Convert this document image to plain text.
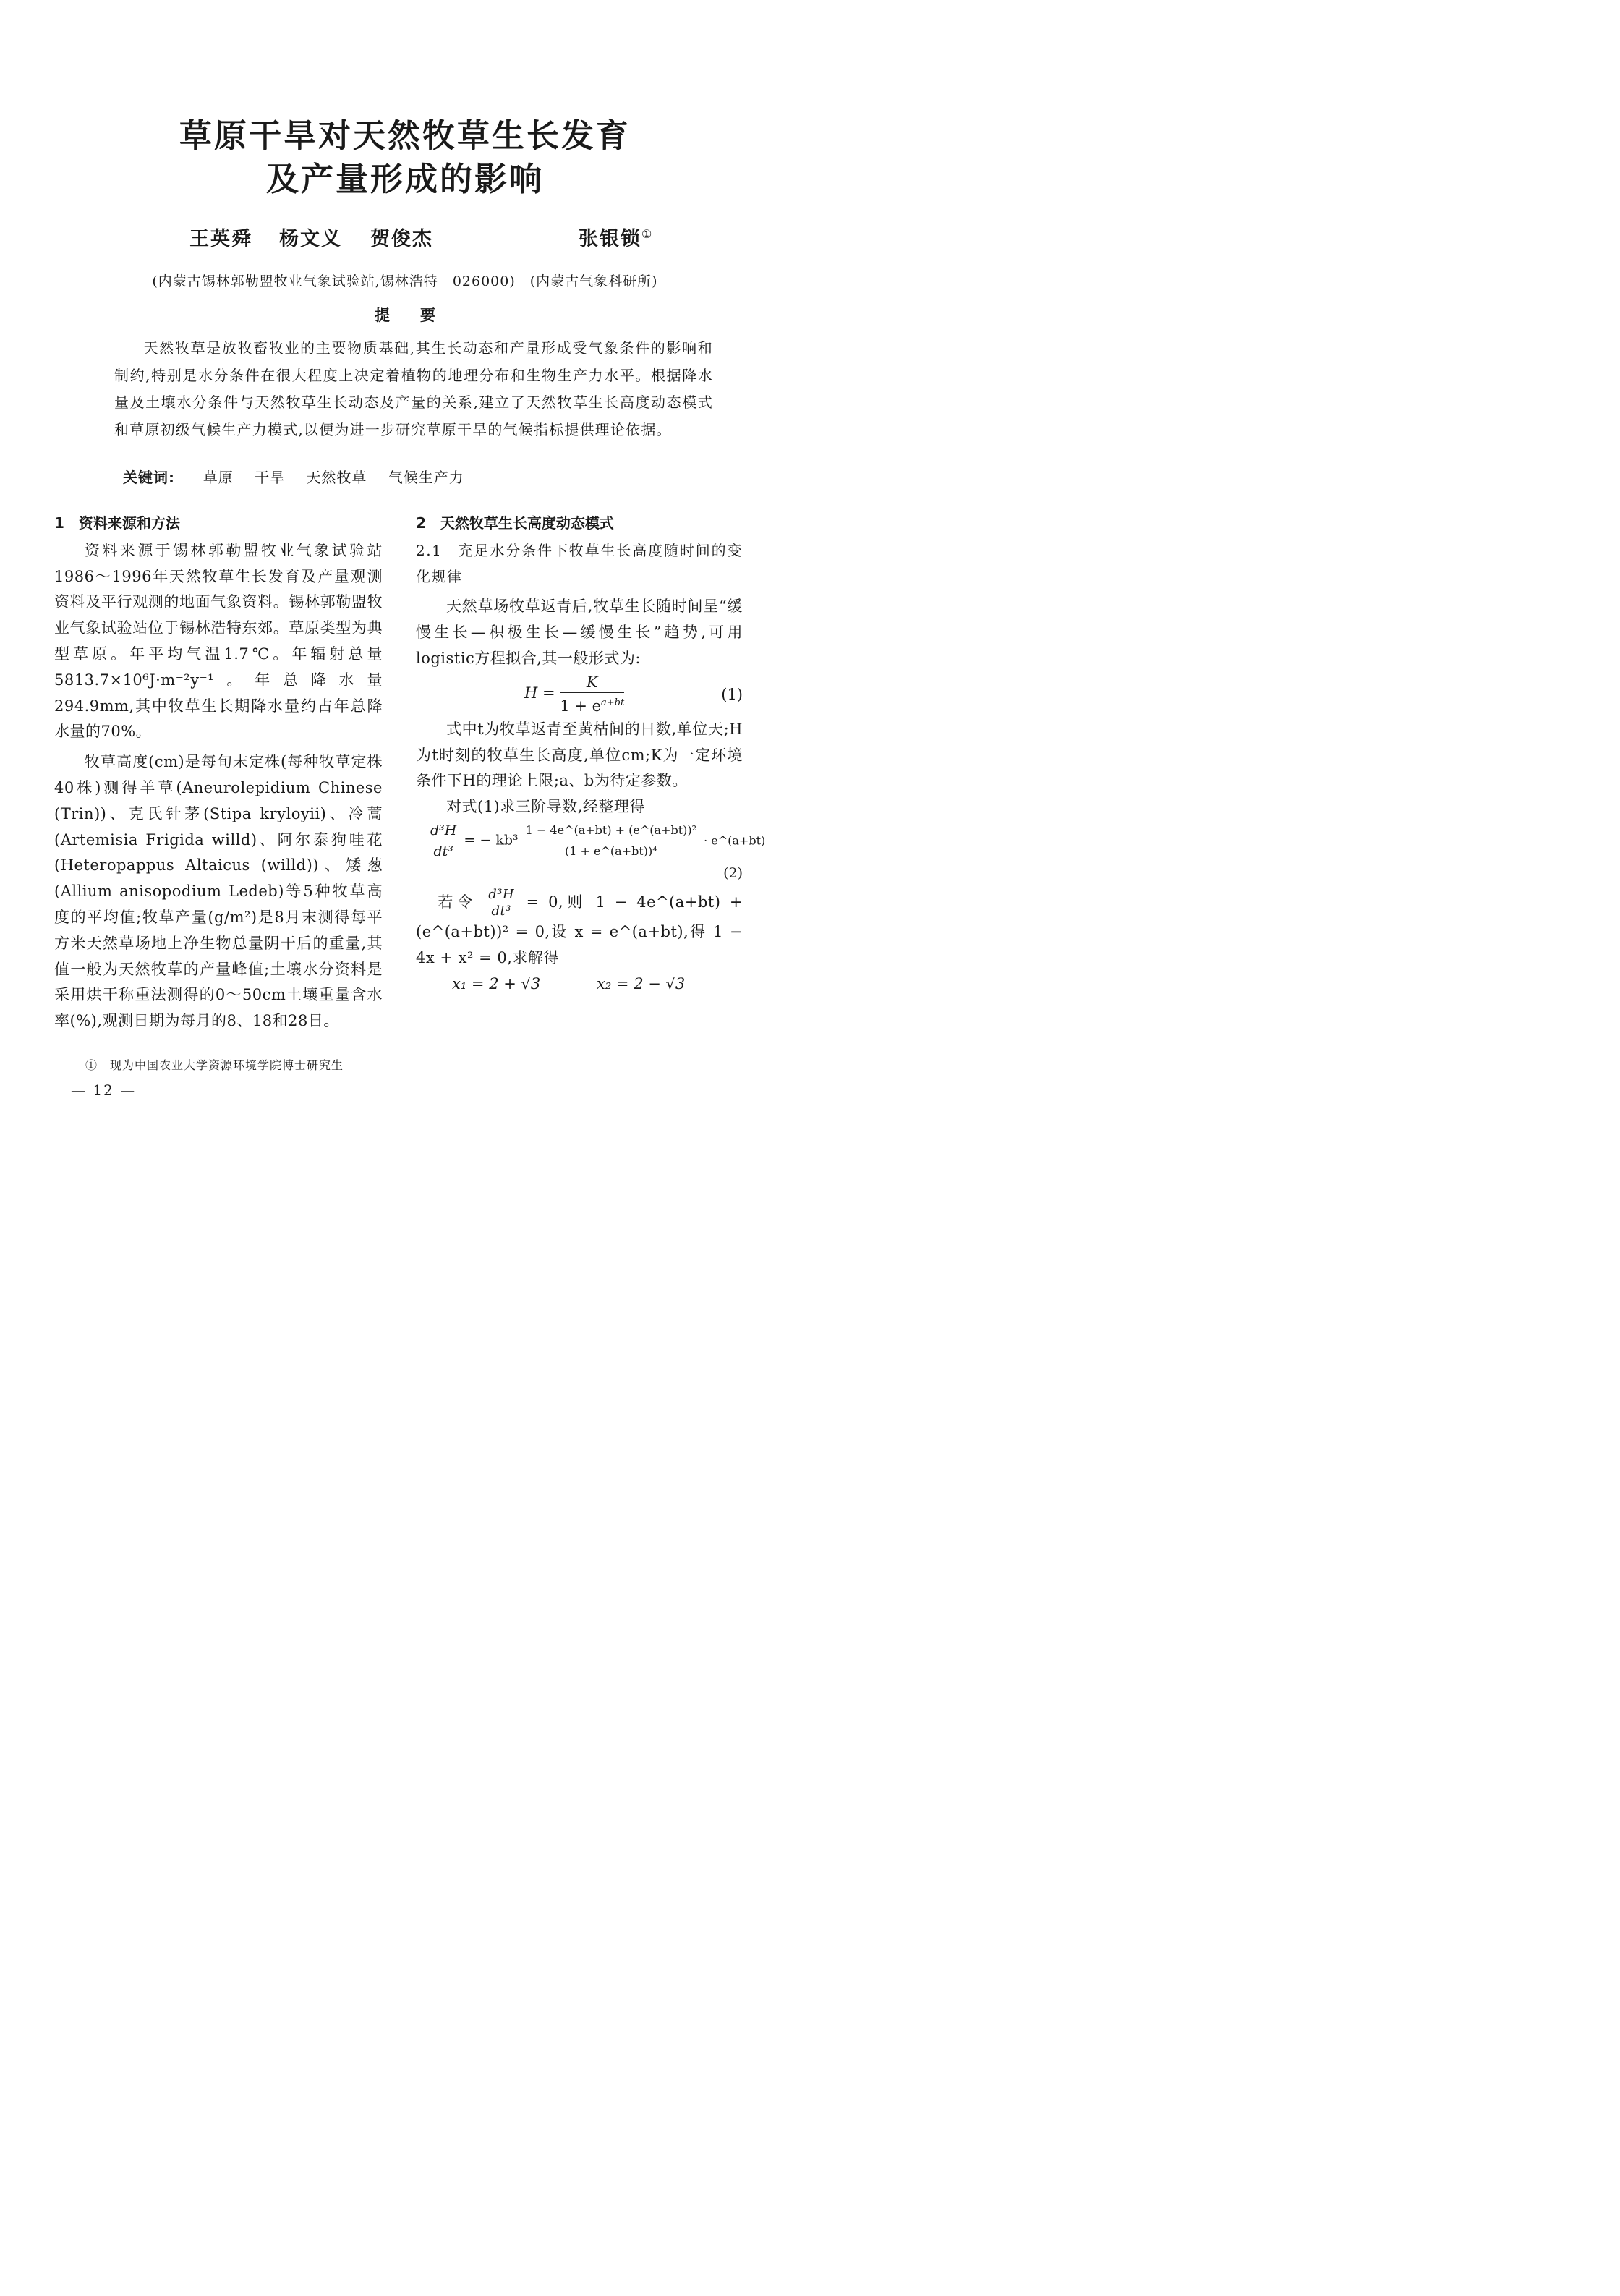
草原干旱对天然牧草生长发育
及产量形成的影响
王英舜 杨文义 贺俊杰	张银锁①
(内蒙古锡林郭勒盟牧业气象试验站,锡林浩特　026000)　(内蒙古气象科研所)
提　　要
天然牧草是放牧畜牧业的主要物质基础,其生长动态和产量形成受气象条件的影响和制约,特别是水分条件在很大程度上决定着植物的地理分布和生物生产力水平。根据降水量及土壤水分条件与天然牧草生长动态及产量的关系,建立了天然牧草生长高度动态模式和草原初级气候生产力模式,以便为进一步研究草原干旱的气候指标提供理论依据。
关键词: 草原 干旱 天然牧草 气候生产力
1　资料来源和方法

资料来源于锡林郭勒盟牧业气象试验站1986～1996年天然牧草生长发育及产量观测资料及平行观测的地面气象资料。锡林郭勒盟牧业气象试验站位于锡林浩特东郊。草原类型为典型草原。年平均气温1.7℃。年辐射总量5813.7×10⁶J·m⁻²y⁻¹。年总降水量294.9mm,其中牧草生长期降水量约占年总降水量的70%。

牧草高度(cm)是每旬末定株(每种牧草定株40株)测得羊草(Aneurolepidium Chinese (Trin))、克氏针茅(Stipa kryloyii)、冷蒿(Artemisia Frigida willd)、阿尔泰狗哇花(Heteropappus Altaicus (willd))、矮葱(Allium anisopodium Ledeb)等5种牧草高度的平均值;牧草产量(g/m²)是8月末测得每平方米天然草场地上净生物总量阴干后的重量,其值一般为天然牧草的产量峰值;土壤水分资料是采用烘干称重法测得的0～50cm土壤重量含水率(%),观测日期为每月的8、18和28日。

2　天然牧草生长高度动态模式

2.1　充足水分条件下牧草生长高度随时间的变化规律

天然草场牧草返青后,牧草生长随时间呈“缓慢生长—积极生长—缓慢生长”趋势,可用logistic方程拟合,其一般形式为:

$H = \frac{K}{1 + e^{a+bt}}$	(1)

式中t为牧草返青至黄枯间的日数,单位天;H为t时刻的牧草生长高度,单位cm;K为一定环境条件下H的理论上限;a、b为待定参数。

对式(1)求三阶导数,经整理得

$\frac{\text{d³H}}{\text{dt³}}$ = − $kb^3 \frac{\text{1 − 4e\textasciicircum{}(a+bt) + (e\textasciicircum{}(a+bt))²}}{\text{(1 + e\textasciicircum{}(a+bt))⁴}}$ · e^(a+bt)
(2)

若令 $\frac{\text{d³H}}{\text{dt³}} = 0$,则 1 − 4e^(a+bt) + (e^(a+bt))² = 0,设 x = e^(a+bt),得 1 − 4x + x² = 0,求解得

x₁ = 2 + √3	x₂ = 2 − √3
①　现为中国农业大学资源环境学院博士研究生
— 12 —
